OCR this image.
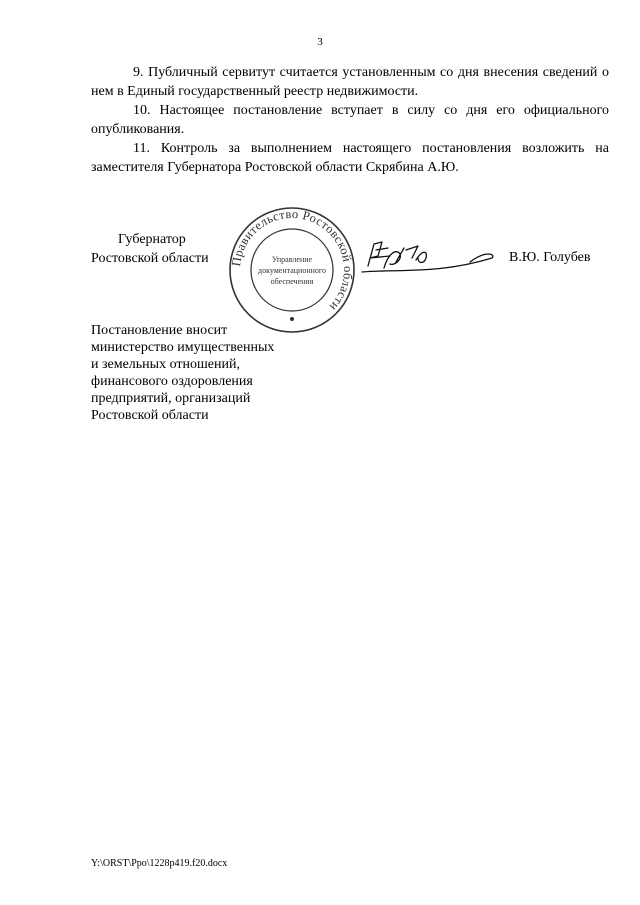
3

9. Публичный сервитут считается установленным со дня внесения сведений о нем в Единый государственный реестр недвижимости.

10. Настоящее постановление вступает в силу со дня его официального опубликования.

11. Контроль за выполнением настоящего постановления возложить на заместителя Губернатора Ростовской области Скрябина А.Ю.

Губернатор
Ростовской области	Правительство Ростовской области
Управление
документационного
обеспечения
В.Ю. Голубев
Постановление вносит
министерство имущественных
и земельных отношений,
финансового оздоровления
предприятий, организаций
Ростовской области
Y:\ORST\Ppo\1228p419.f20.docx
